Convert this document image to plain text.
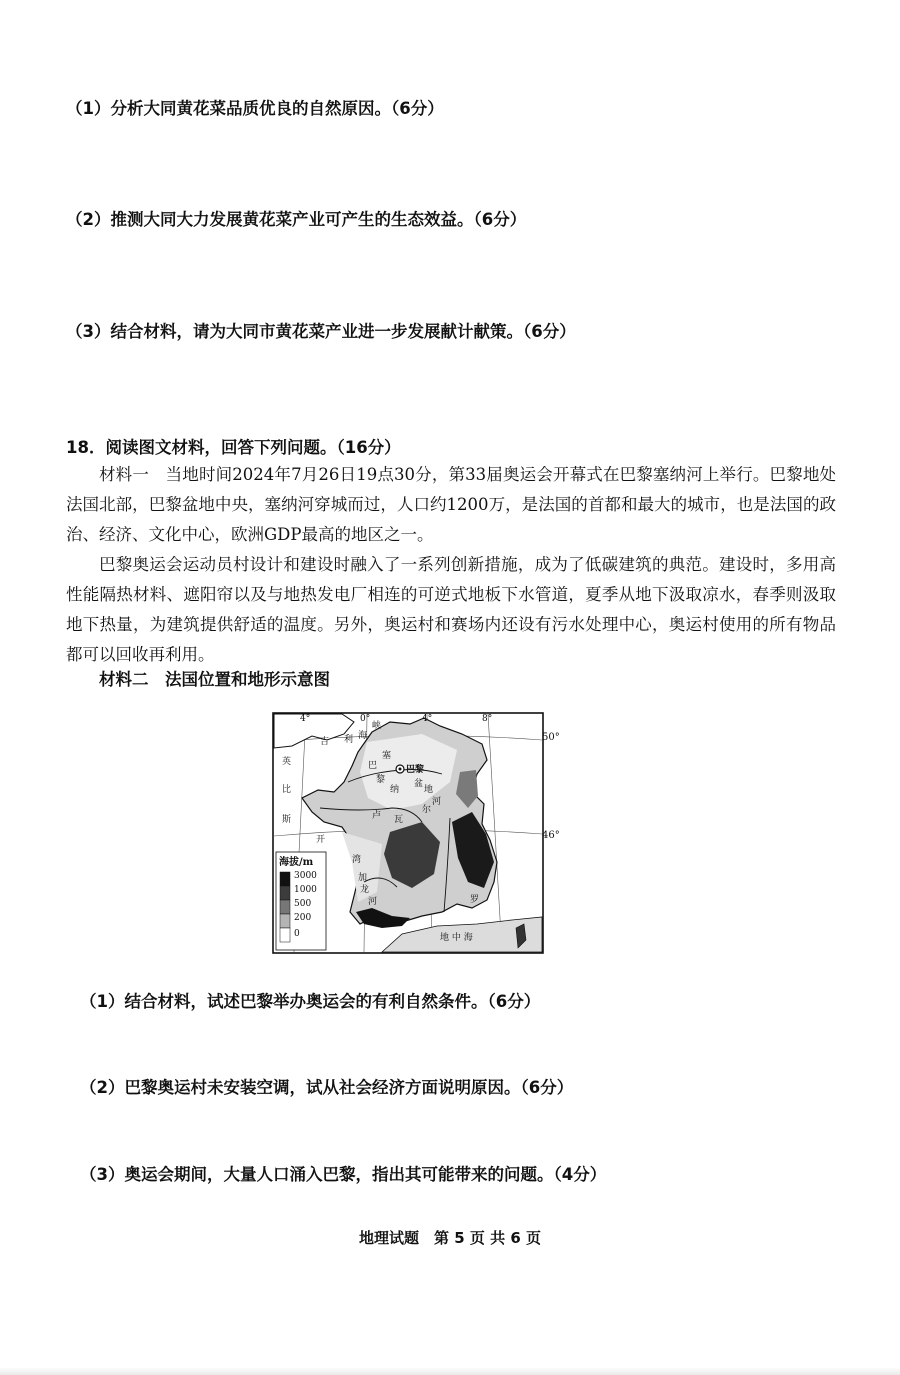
（1）分析大同黄花菜品质优良的自然原因。（6分）
（2）推测大同大力发展黄花菜产业可产生的生态效益。（6分）
（3）结合材料，请为大同市黄花菜产业进一步发展献计献策。（6分）
18．阅读图文材料，回答下列问题。（16分）
材料一　当地时间2024年7月26日19点30分，第33届奥运会开幕式在巴黎塞纳河上举行。巴黎地处法国北部，巴黎盆地中央，塞纳河穿城而过，人口约1200万，是法国的首都和最大的城市，也是法国的政治、经济、文化中心，欧洲GDP最高的地区之一。
巴黎奥运会运动员村设计和建设时融入了一系列创新措施，成为了低碳建筑的典范。建设时，多用高性能隔热材料、遮阳帘以及与地热发电厂相连的可逆式地板下水管道，夏季从地下汲取凉水，春季则汲取地下热量，为建筑提供舒适的温度。另外，奥运村和赛场内还设有污水处理中心，奥运村使用的所有物品都可以回收再利用。
材料二　法国位置和地形示意图
4°	0°	4°	8°
峡
海
利
英
吉
巴黎
巴
黎	盆
地
塞
纳
河
卢 瓦
尔
比
斯
开
湾
加
龙
河	罗
地 中 海
海拔/m
3000
1000
500
200
0
50°
46°
（1）结合材料，试述巴黎举办奥运会的有利自然条件。（6分）
（2）巴黎奥运村未安装空调，试从社会经济方面说明原因。（6分）
（3）奥运会期间，大量人口涌入巴黎，指出其可能带来的问题。（4分）
地理试题　第 5 页 共 6 页
